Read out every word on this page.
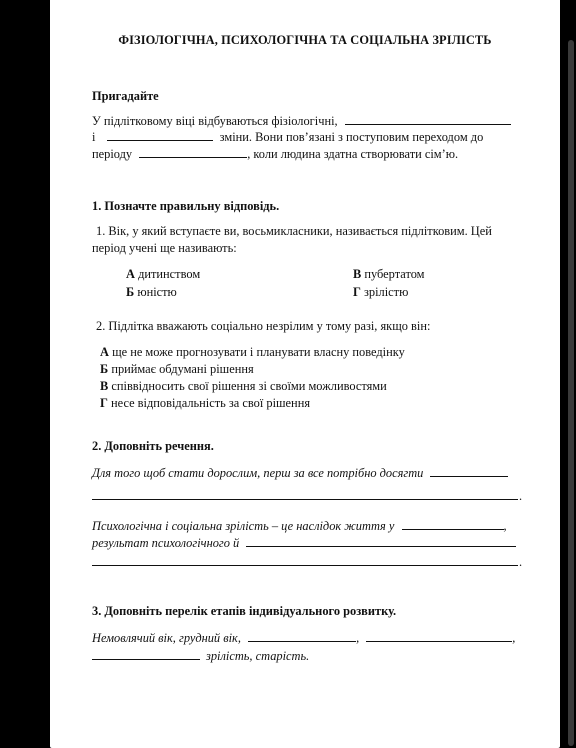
ФІЗІОЛОГІЧНА, ПСИХОЛОГІЧНА ТА СОЦІАЛЬНА ЗРІЛІСТЬ
Пригадайте
У підлітковому віці відбуваються фізіологічні,
і	зміни. Вони пов’язані з поступовим переходом до
періоду	, коли людина здатна створювати сім’ю.
1. Позначте правильну відповідь.
1. Вік, у який вступаєте ви, восьмикласники, називається підлітковим. Цей
період учені ще називають:
А дитинством	В пубертатом
Б юністю	Г зрілістю
2. Підлітка вважають соціально незрілим у тому разі, якщо він:
А ще не може прогнозувати і планувати власну поведінку
Б приймає обдумані рішення
В співвідносить свої рішення зі своїми можливостями
Г несе відповідальність за свої рішення
2. Доповніть речення.
Для того щоб стати дорослим, перш за все потрібно досягти
.
Психологічна і соціальна зрілість – це наслідок життя у	,
результат психологічного й
.
3. Доповніть перелік етапів індивідуального розвитку.
Немовлячий вік, грудний вік,	,	,
зрілість, старість.
